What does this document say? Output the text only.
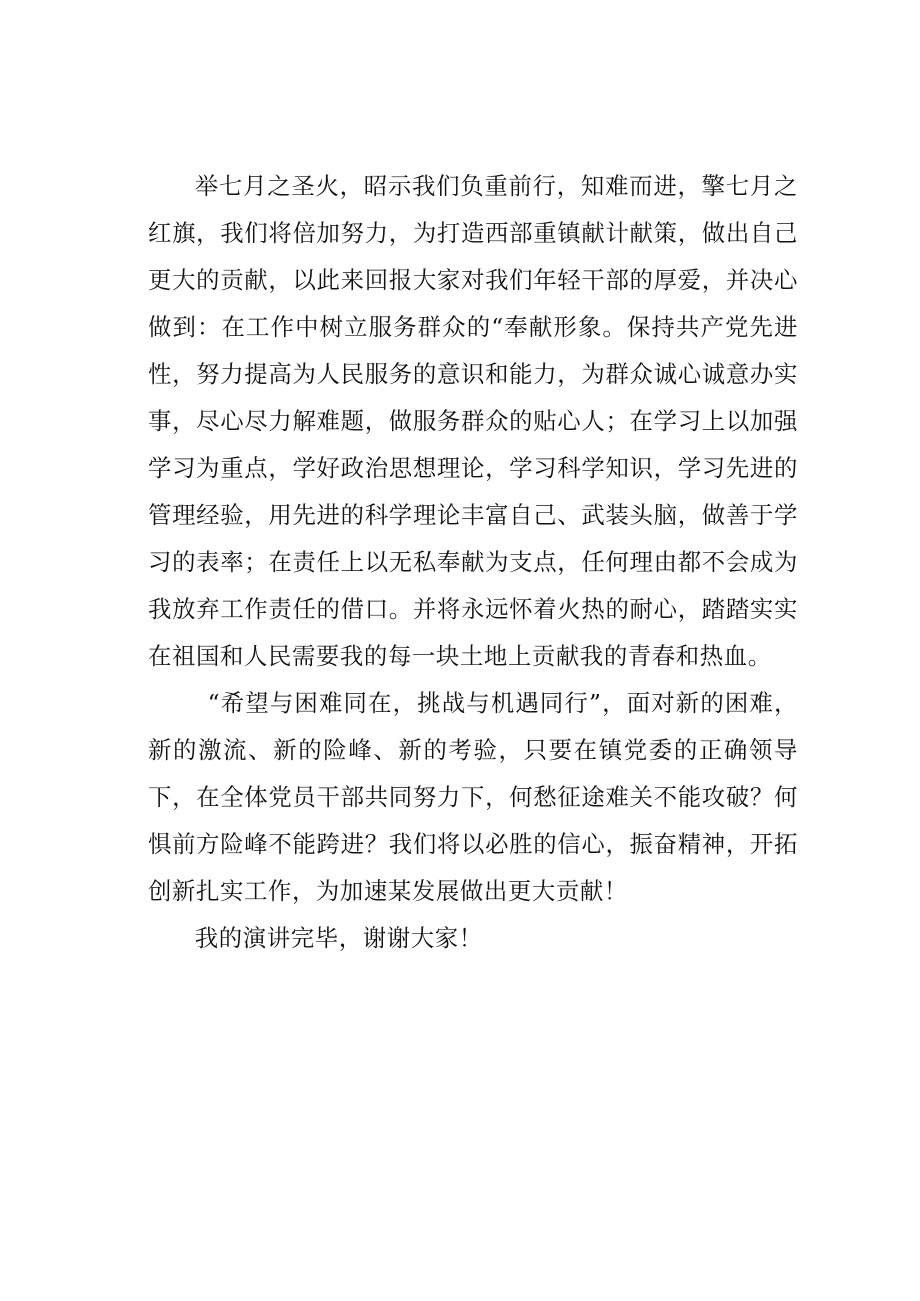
举七月之圣火，昭示我们负重前行，知难而进，擎七月之红旗，我们将倍加努力，为打造西部重镇献计献策，做出自己更大的贡献，以此来回报大家对我们年轻干部的厚爱，并决心做到：在工作中树立服务群众的“奉献形象。保持共产党先进性，努力提高为人民服务的意识和能力，为群众诚心诚意办实事，尽心尽力解难题，做服务群众的贴心人；在学习上以加强学习为重点，学好政治思想理论，学习科学知识，学习先进的管理经验，用先进的科学理论丰富自己、武装头脑，做善于学习的表率；在责任上以无私奉献为支点，任何理由都不会成为我放弃工作责任的借口。并将永远怀着火热的耐心，踏踏实实在祖国和人民需要我的每一块土地上贡献我的青春和热血。

“希望与困难同在，挑战与机遇同行”，面对新的困难，新的激流、新的险峰、新的考验，只要在镇党委的正确领导下，在全体党员干部共同努力下，何愁征途难关不能攻破？何惧前方险峰不能跨进？我们将以必胜的信心，振奋精神，开拓创新扎实工作，为加速某发展做出更大贡献！

我的演讲完毕，谢谢大家！
